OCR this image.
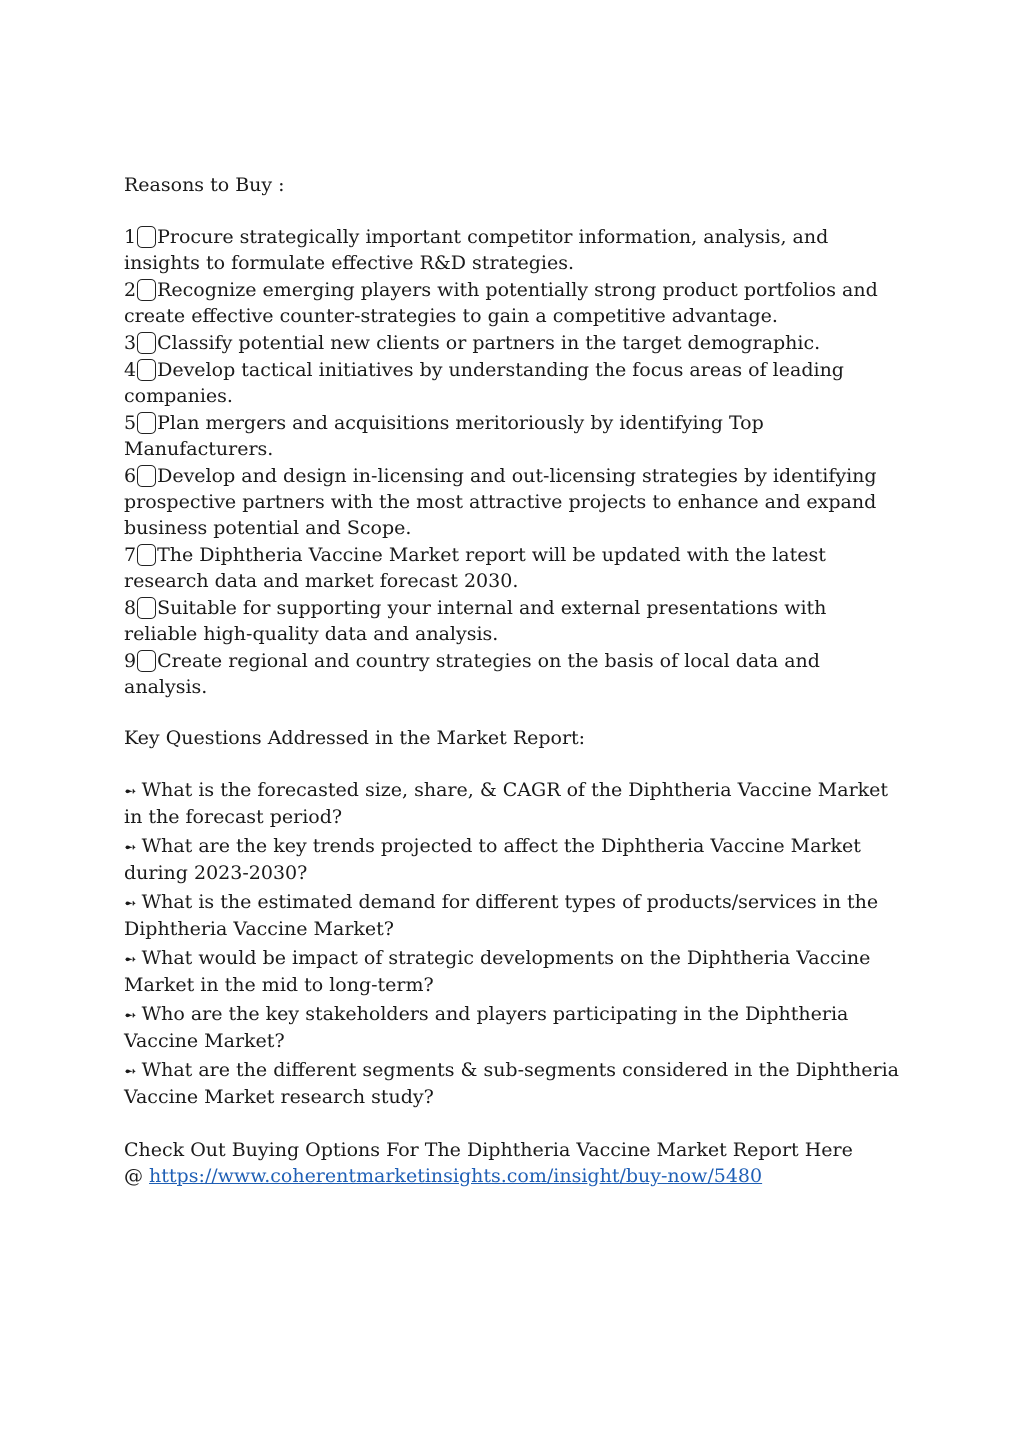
Reasons to Buy :

1 Procure strategically important competitor information, analysis, and insights to formulate effective R&D strategies.

2 Recognize emerging players with potentially strong product portfolios and create effective counter-strategies to gain a competitive advantage.

3 Classify potential new clients or partners in the target demographic.

4 Develop tactical initiatives by understanding the focus areas of leading companies.

5 Plan mergers and acquisitions meritoriously by identifying Top Manufacturers.

6 Develop and design in-licensing and out-licensing strategies by identifying prospective partners with the most attractive projects to enhance and expand business potential and Scope.

7 The Diphtheria Vaccine Market report will be updated with the latest research data and market forecast 2030.

8 Suitable for supporting your internal and external presentations with reliable high-quality data and analysis.

9 Create regional and country strategies on the basis of local data and analysis.

Key Questions Addressed in the Market Report:

➻ What is the forecasted size, share, & CAGR of the Diphtheria Vaccine Market in the forecast period?

➻ What are the key trends projected to affect the Diphtheria Vaccine Market during 2023-2030?

➻ What is the estimated demand for different types of products/services in the Diphtheria Vaccine Market?

➻ What would be impact of strategic developments on the Diphtheria Vaccine Market in the mid to long-term?

➻ Who are the key stakeholders and players participating in the Diphtheria Vaccine Market?

➻ What are the different segments & sub-segments considered in the Diphtheria Vaccine Market research study?

Check Out Buying Options For The Diphtheria Vaccine Market Report Here
@ https://www.coherentmarketinsights.com/insight/buy-now/5480
